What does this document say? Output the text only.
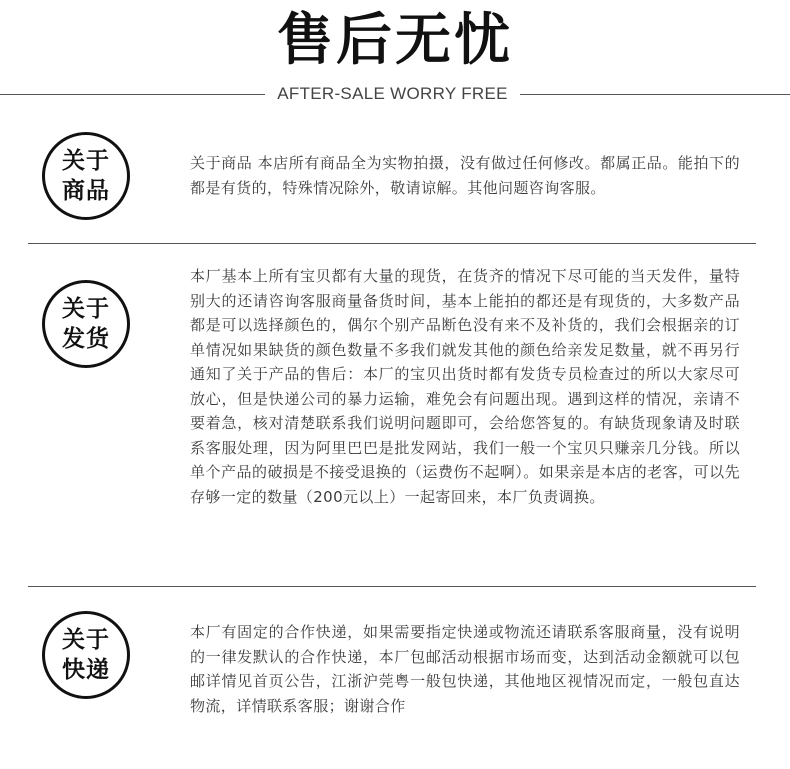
售后无忧
AFTER-SALE WORRY FREE
关于
商品

关于商品 本店所有商品全为实物拍摄，没有做过任何修改。都属正品。能拍下的都是有货的，特殊情况除外，敬请谅解。其他问题咨询客服。

关于
发货

本厂基本上所有宝贝都有大量的现货，在货齐的情况下尽可能的当天发件，量特别大的还请咨询客服商量备货时间，基本上能拍的都还是有现货的，大多数产品都是可以选择颜色的，偶尔个别产品断色没有来不及补货的，我们会根据亲的订单情况如果缺货的颜色数量不多我们就发其他的颜色给亲发足数量，就不再另行通知了关于产品的售后：本厂的宝贝出货时都有发货专员检查过的所以大家尽可放心，但是快递公司的暴力运输，难免会有问题出现。遇到这样的情况，亲请不要着急，核对清楚联系我们说明问题即可，会给您答复的。有缺货现象请及时联系客服处理，因为阿里巴巴是批发网站，我们一般一个宝贝只赚亲几分钱。所以单个产品的破损是不接受退换的（运费伤不起啊）。如果亲是本店的老客，可以先存够一定的数量（200元以上）一起寄回来，本厂负责调换。

关于
快递

本厂有固定的合作快递，如果需要指定快递或物流还请联系客服商量，没有说明的一律发默认的合作快递，本厂包邮活动根据市场而变，达到活动金额就可以包邮详情见首页公告，江浙沪莞粤一般包快递，其他地区视情况而定，一般包直达物流，详情联系客服；谢谢合作
